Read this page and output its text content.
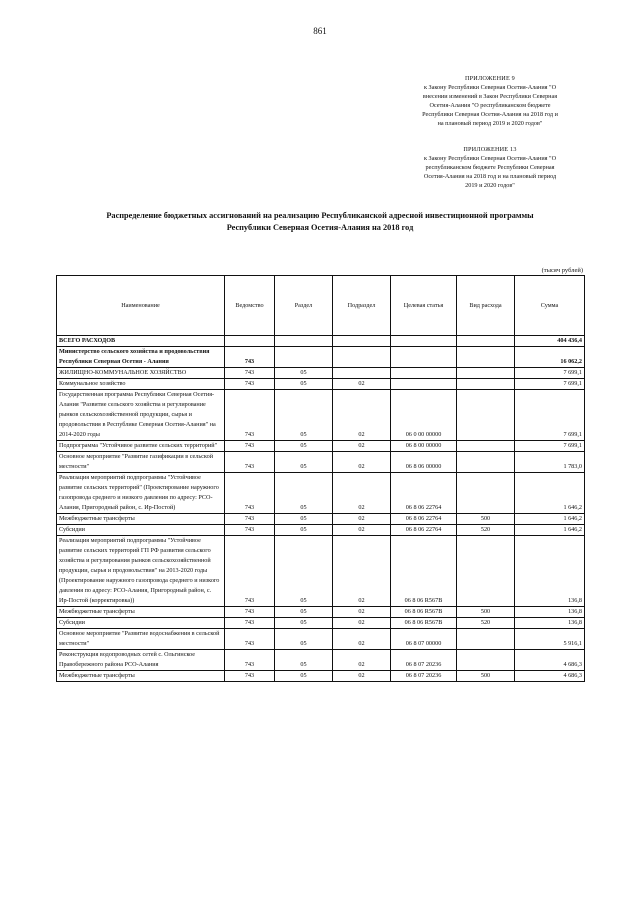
861
ПРИЛОЖЕНИЕ 9
к Закону Республики Северная Осетия-Алания "О
внесении изменений в Закон Республики Северная
Осетия-Алания "О республиканском бюджете
Республики Северная Осетия-Алания на 2018 год и
на плановый период 2019 и 2020 годов"
ПРИЛОЖЕНИЕ 13
к Закону Республики Северная Осетия-Алания "О
республиканском бюджете Республики Северная
Осетия-Алания на 2018 год и на плановый период
2019 и 2020 годов"
Распределение бюджетных ассигнований на реализацию Республиканской адресной инвестиционной программы
Республики Северная Осетия-Алания на 2018 год
(тысяч рублей)
Наименование	Ведомство	Раздел	Подраздел	Целевая статья	Вид расхода	Сумма
ВСЕГО РАСХОДОВ						404 436,4
Министерство сельского хозяйства и продовольствия Республики Северная Осетия - Алания	743					16 062,2
ЖИЛИЩНО-КОММУНАЛЬНОЕ ХОЗЯЙСТВО	743	05				7 699,1
Коммунальное хозяйство	743	05	02			7 699,1
Государственная программа Республики Северная Осетия-Алания "Развитие сельского хозяйства и регулирование рынков сельскохозяйственной продукции, сырья и продовольствия в Республике Северная Осетия-Алания" на 2014-2020 годы	743	05	02	06 0 00 00000		7 699,1
Подпрограмма "Устойчивое развитие сельских территорий"	743	05	02	06 8 00 00000		7 699,1
Основное мероприятие "Развитие газификации в сельской местности"	743	05	02	06 8 06 00000		1 783,0
Реализация мероприятий подпрограммы "Устойчивое развитие сельских территорий" (Проектирование наружного газопровода среднего и низкого давления по адресу: РСО-Алания, Пригородный район, с. Ир-Постой)	743	05	02	06 8 06 22764		1 646,2
Межбюджетные трансферты	743	05	02	06 8 06 22764	500	1 646,2
Субсидии	743	05	02	06 8 06 22764	520	1 646,2
Реализация мероприятий подпрограммы "Устойчивое развитие сельских территорий ГП РФ развития сельского хозяйства и регулирования рынков сельскохозяйственной продукции, сырья и продовольствия" на 2013-2020 годы (Проектирование наружного газопровода среднего и низкого давления по адресу: РСО-Алания, Пригородный район, с. Ир-Постой (корректировка))	743	05	02	06 8 06 R567B		136,8
Межбюджетные трансферты	743	05	02	06 8 06 R567B	500	136,8
Субсидии	743	05	02	06 8 06 R567B	520	136,8
Основное мероприятие "Развитие водоснабжения в сельской местности"	743	05	02	06 8 07 00000		5 916,1
Реконструкция водопроводных сетей с. Ольгинское Правобережного района РСО-Алания	743	05	02	06 8 07 20236		4 686,3
Межбюджетные трансферты	743	05	02	06 8 07 20236	500	4 686,3
